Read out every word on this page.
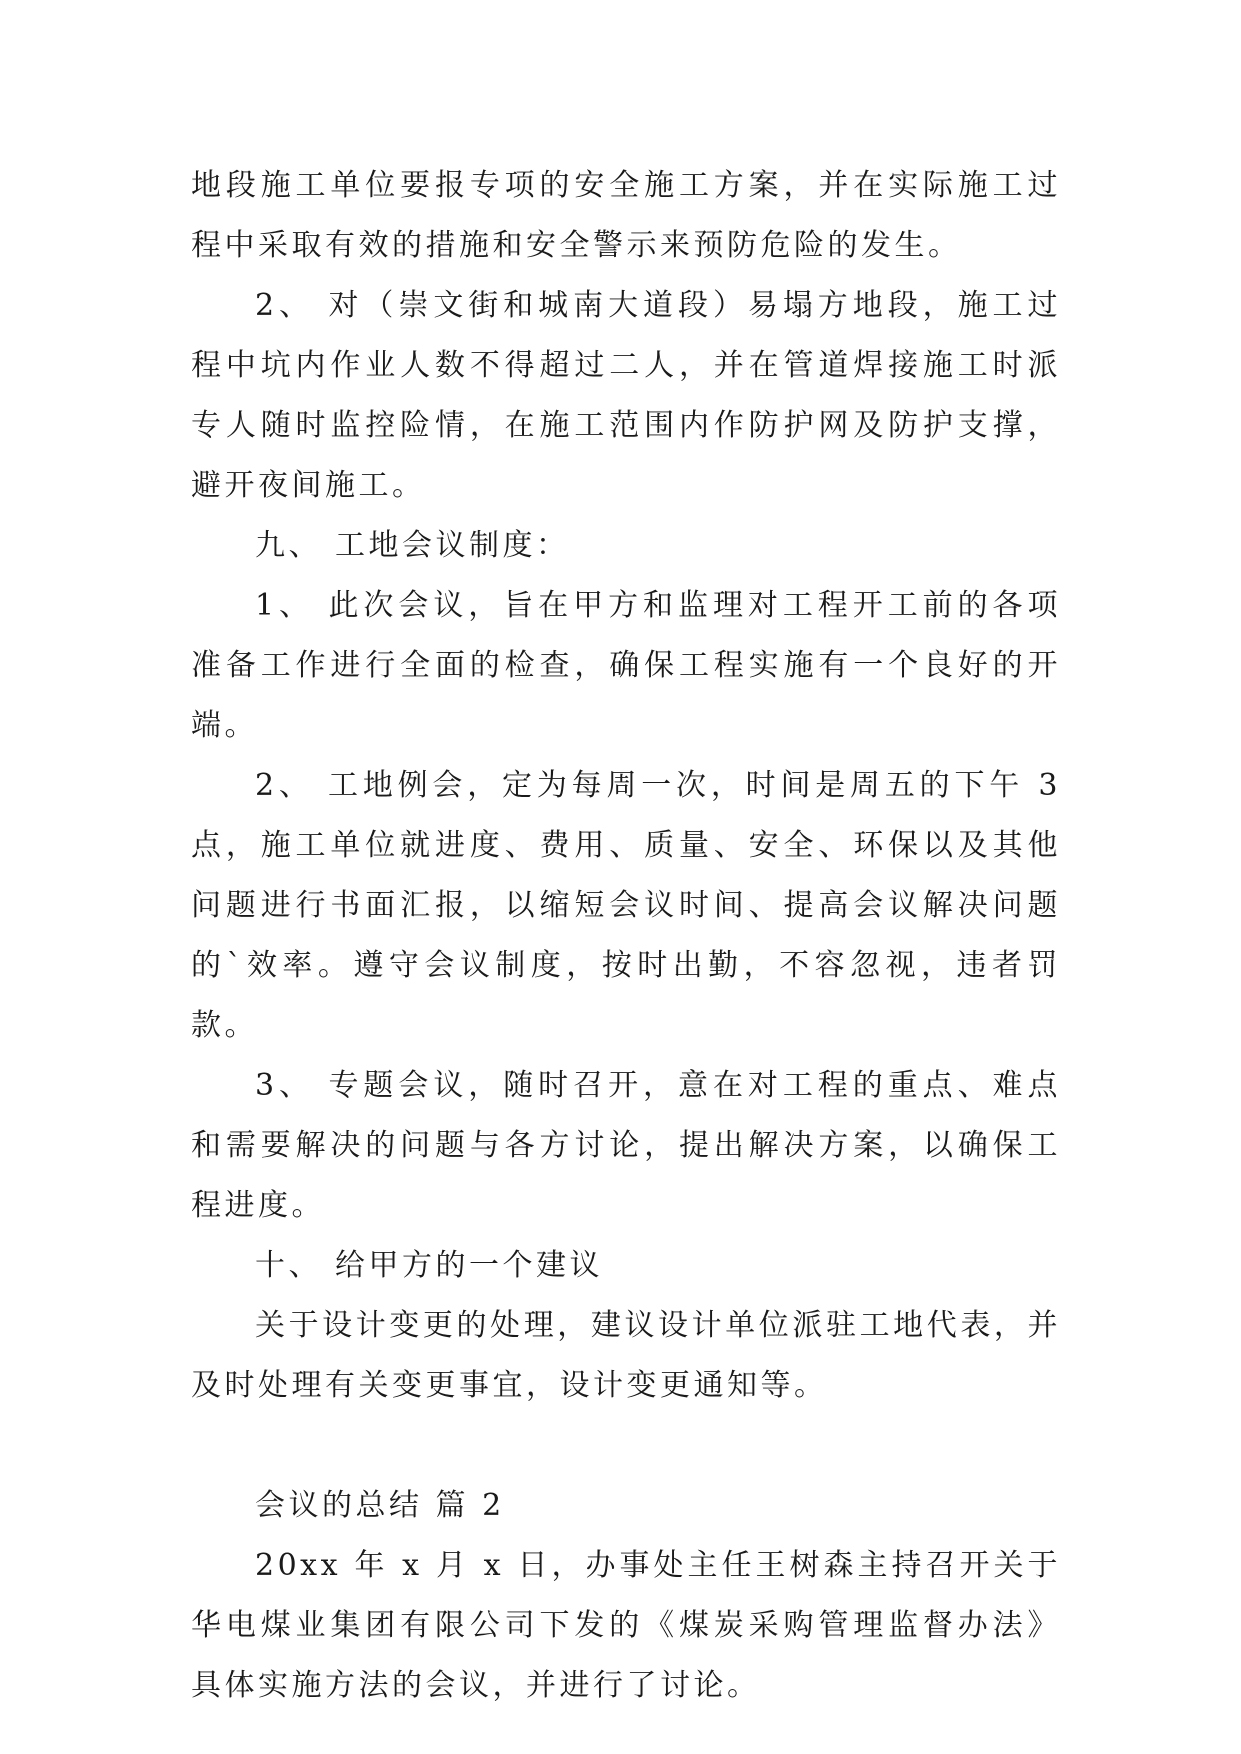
地段施工单位要报专项的安全施工方案，并在实际施工过程中采取有效的措施和安全警示来预防危险的发生。

2、 对（崇文街和城南大道段）易塌方地段，施工过程中坑内作业人数不得超过二人，并在管道焊接施工时派专人随时监控险情，在施工范围内作防护网及防护支撑，避开夜间施工。

九、 工地会议制度：

1、 此次会议，旨在甲方和监理对工程开工前的各项准备工作进行全面的检查，确保工程实施有一个良好的开端。

2、 工地例会，定为每周一次，时间是周五的下午 3 点，施工单位就进度、费用、质量、安全、环保以及其他问题进行书面汇报，以缩短会议时间、提高会议解决问题的`效率。遵守会议制度，按时出勤，不容忽视，违者罚款。

3、 专题会议，随时召开，意在对工程的重点、难点和需要解决的问题与各方讨论，提出解决方案，以确保工程进度。

十、 给甲方的一个建议

关于设计变更的处理，建议设计单位派驻工地代表，并及时处理有关变更事宜，设计变更通知等。

会议的总结 篇 2

20xx 年 x 月 x 日，办事处主任王树森主持召开关于华电煤业集团有限公司下发的《煤炭采购管理监督办法》具体实施方法的会议，并进行了讨论。
